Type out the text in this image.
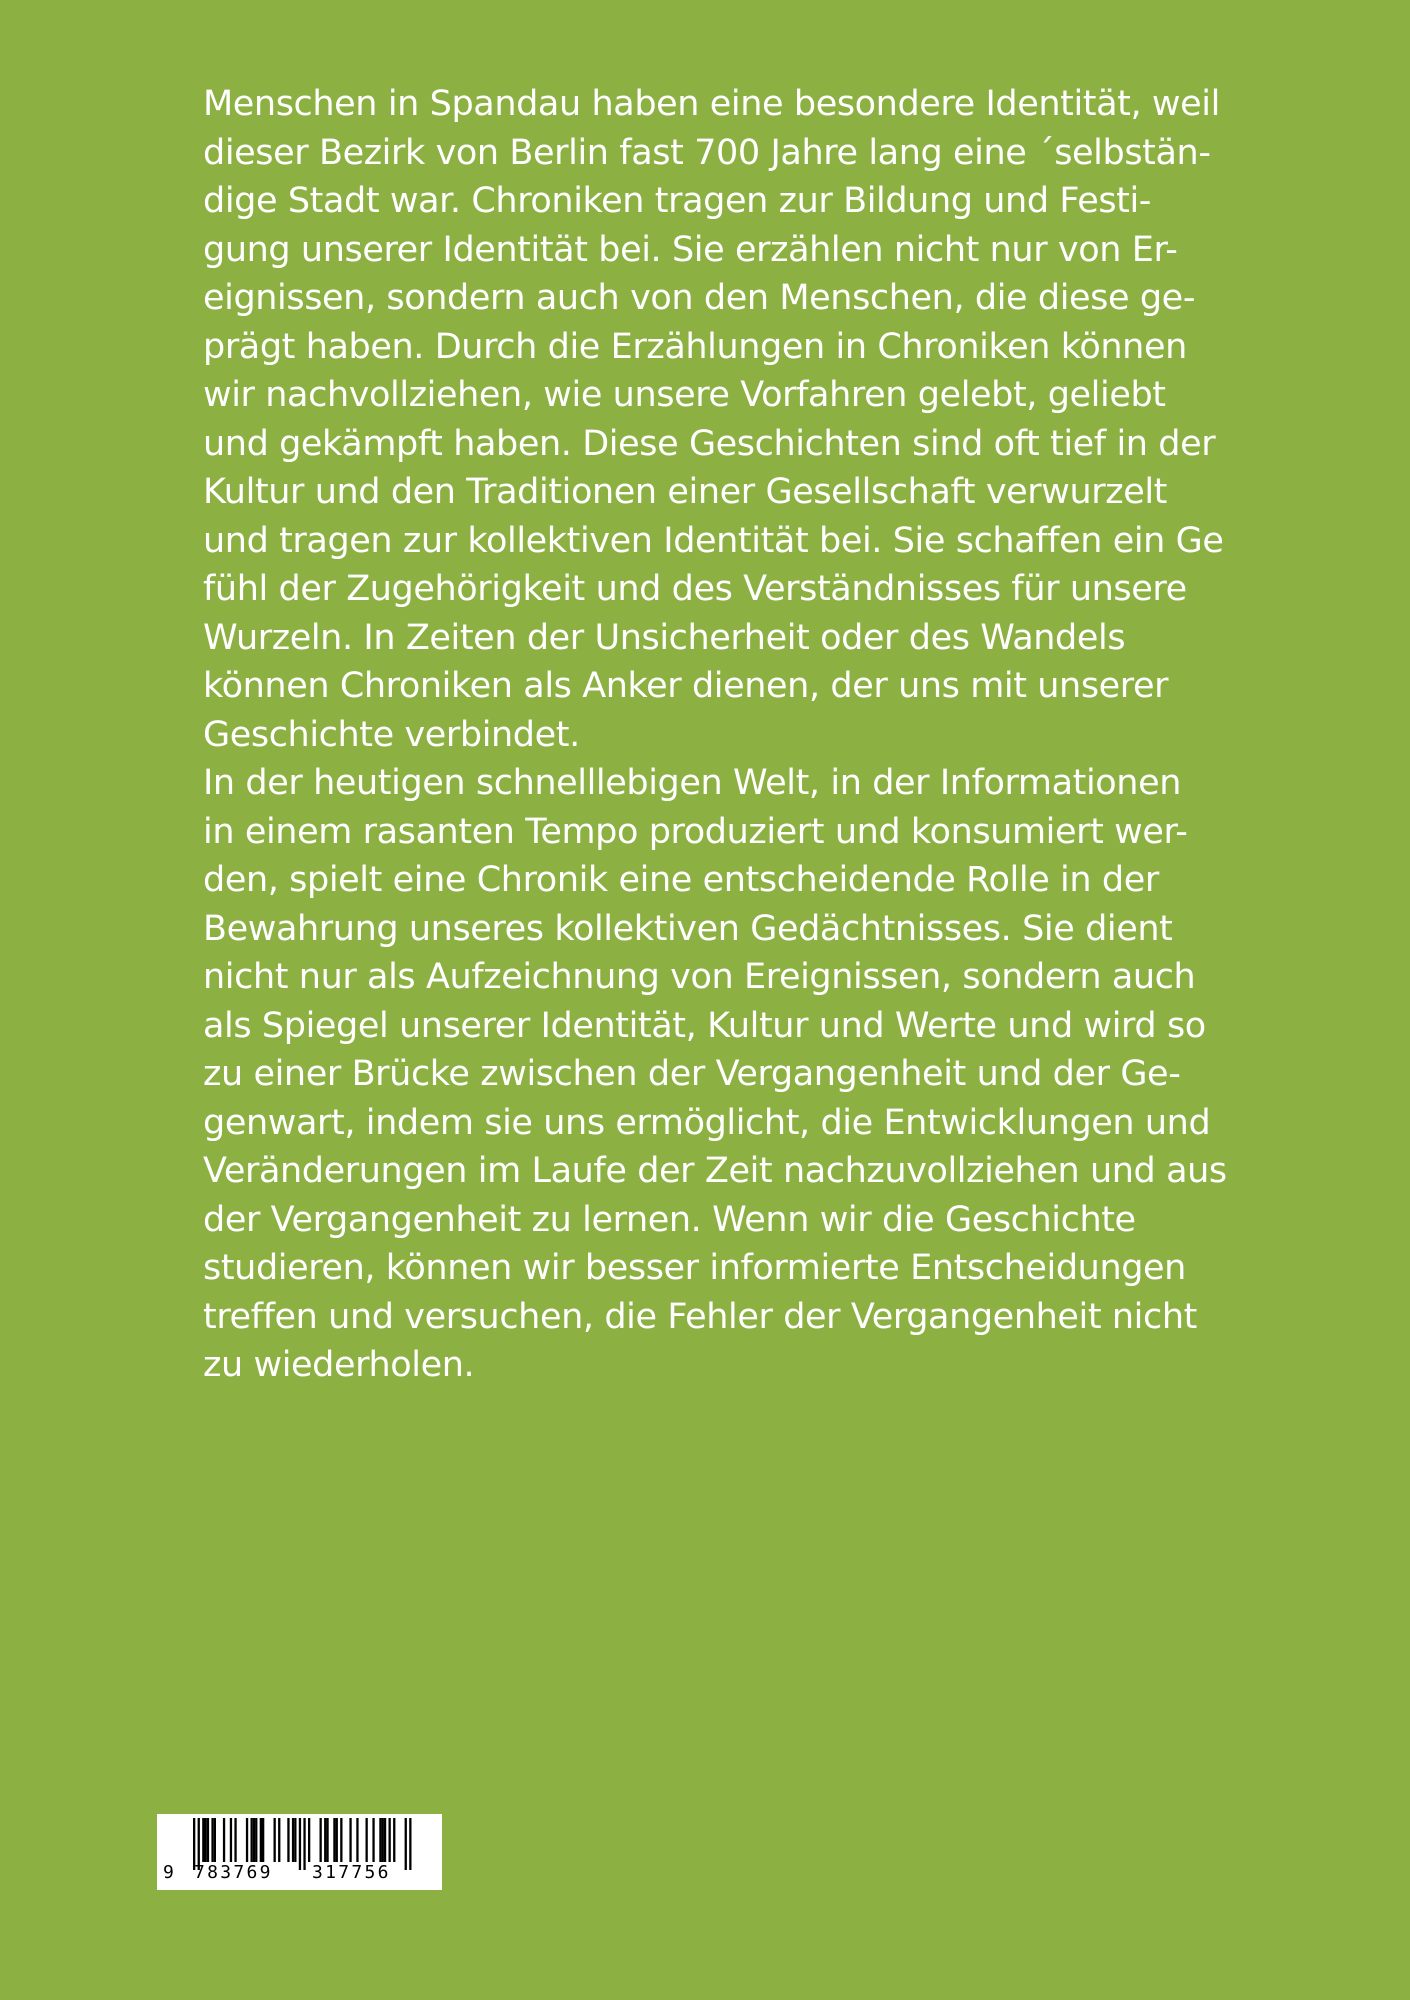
Menschen in Spandau haben eine besondere Identität, weil
dieser Bezirk von Berlin fast 700 Jahre lang eine ´selbstän-
dige Stadt war. Chroniken tragen zur Bildung und Festi-
gung unserer Identität bei. Sie erzählen nicht nur von Er-
eignissen, sondern auch von den Menschen, die diese ge-
prägt haben. Durch die Erzählungen in Chroniken können
wir nachvollziehen, wie unsere Vorfahren gelebt, geliebt
und gekämpft haben. Diese Geschichten sind oft tief in der
Kultur und den Traditionen einer Gesellschaft verwurzelt
und tragen zur kollektiven Identität bei. Sie schaffen ein Ge
fühl der Zugehörigkeit und des Verständnisses für unsere
Wurzeln. In Zeiten der Unsicherheit oder des Wandels
können Chroniken als Anker dienen, der uns mit unserer
Geschichte verbindet.
In der heutigen schnelllebigen Welt, in der Informationen
in einem rasanten Tempo produziert und konsumiert wer-
den, spielt eine Chronik eine entscheidende Rolle in der
Bewahrung unseres kollektiven Gedächtnisses. Sie dient
nicht nur als Aufzeichnung von Ereignissen, sondern auch
als Spiegel unserer Identität, Kultur und Werte und wird so
zu einer Brücke zwischen der Vergangenheit und der Ge-
genwart, indem sie uns ermöglicht, die Entwicklungen und
Veränderungen im Laufe der Zeit nachzuvollziehen und aus
der Vergangenheit zu lernen. Wenn wir die Geschichte
studieren, können wir besser informierte Entscheidungen
treffen und versuchen, die Fehler der Vergangenheit nicht
zu wiederholen.
9 783769 317756
